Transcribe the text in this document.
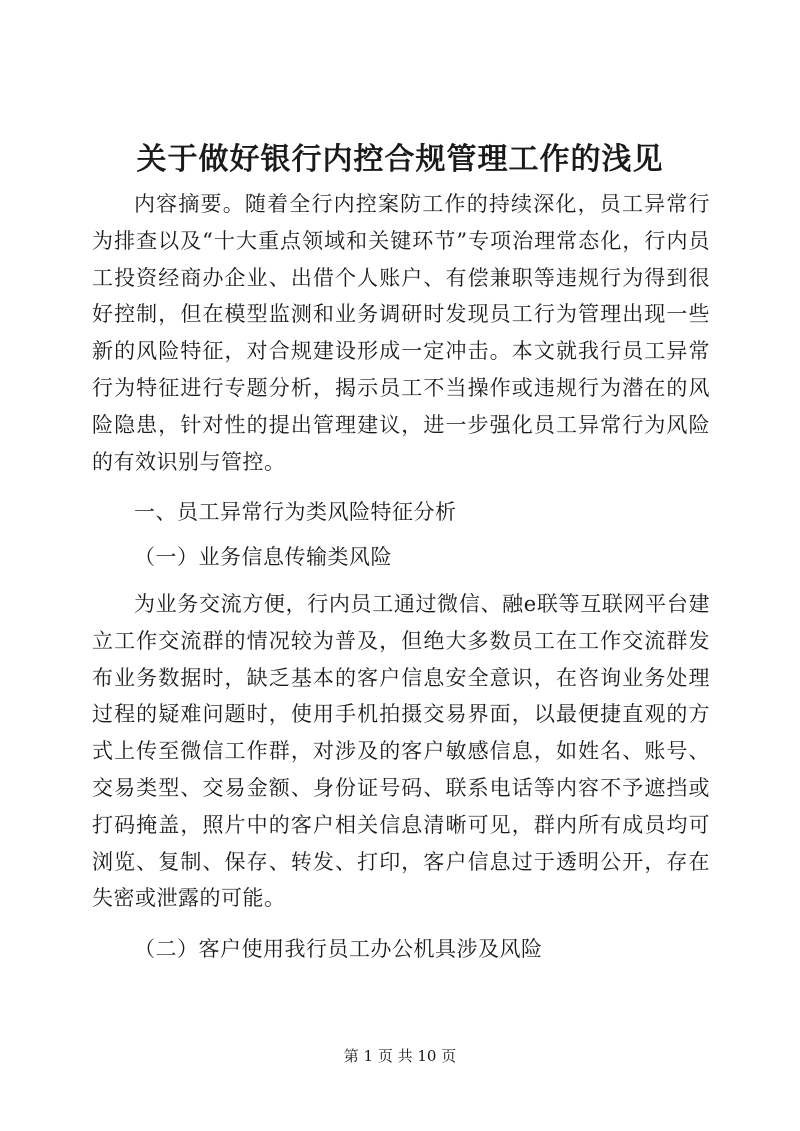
关于做好银行内控合规管理工作的浅见

内容摘要。随着全行内控案防工作的持续深化，员工异常行为排查以及“十大重点领域和关键环节”专项治理常态化，行内员工投资经商办企业、出借个人账户、有偿兼职等违规行为得到很好控制，但在模型监测和业务调研时发现员工行为管理出现一些新的风险特征，对合规建设形成一定冲击。本文就我行员工异常行为特征进行专题分析，揭示员工不当操作或违规行为潜在的风险隐患，针对性的提出管理建议，进一步强化员工异常行为风险的有效识别与管控。

一、员工异常行为类风险特征分析

（一）业务信息传输类风险

为业务交流方便，行内员工通过微信、融e联等互联网平台建立工作交流群的情况较为普及，但绝大多数员工在工作交流群发布业务数据时，缺乏基本的客户信息安全意识，在咨询业务处理过程的疑难问题时，使用手机拍摄交易界面，以最便捷直观的方式上传至微信工作群，对涉及的客户敏感信息，如姓名、账号、交易类型、交易金额、身份证号码、联系电话等内容不予遮挡或打码掩盖，照片中的客户相关信息清晰可见，群内所有成员均可浏览、复制、保存、转发、打印，客户信息过于透明公开，存在失密或泄露的可能。

（二）客户使用我行员工办公机具涉及风险

第 1 页 共 10 页
